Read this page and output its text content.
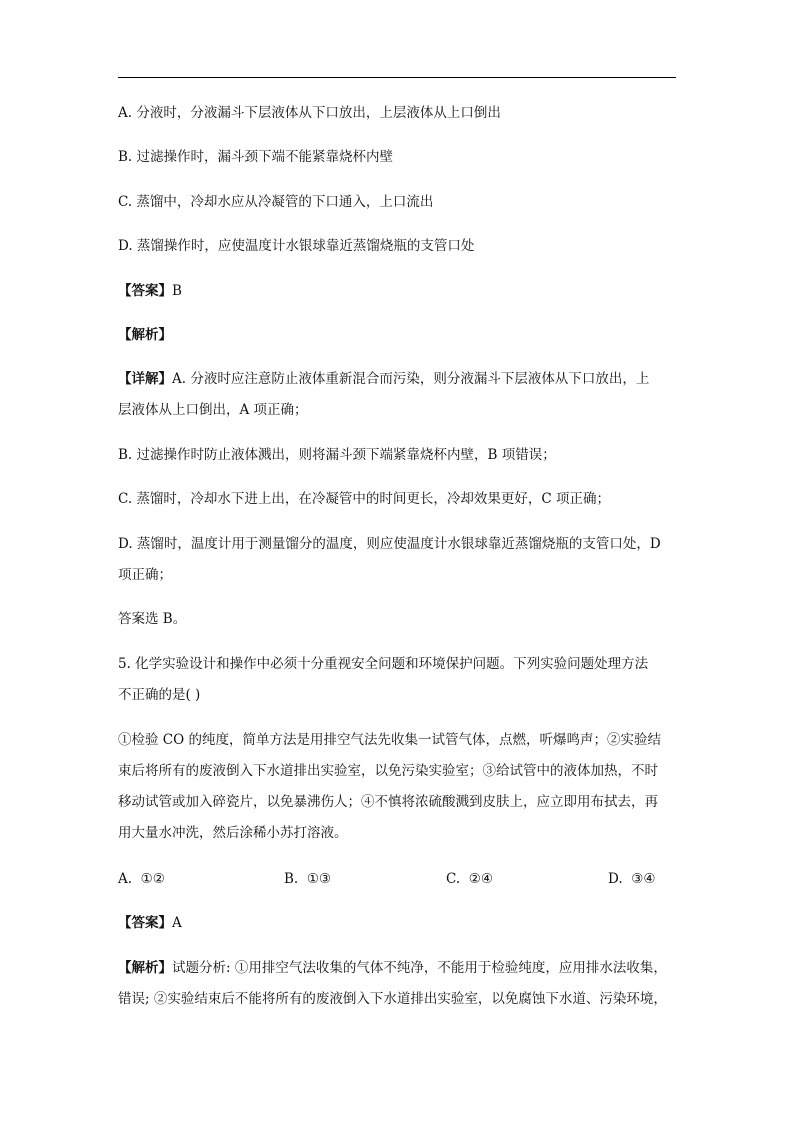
A. 分液时，分液漏斗下层液体从下口放出，上层液体从上口倒出
B. 过滤操作时，漏斗颈下端不能紧靠烧杯内壁
C. 蒸馏中，冷却水应从冷凝管的下口通入，上口流出
D. 蒸馏操作时，应使温度计水银球靠近蒸馏烧瓶的支管口处
【答案】B
【解析】
【详解】A. 分液时应注意防止液体重新混合而污染，则分液漏斗下层液体从下口放出，上
层液体从上口倒出，A 项正确；
B. 过滤操作时防止液体溅出，则将漏斗颈下端紧靠烧杯内壁，B 项错误；
C. 蒸馏时，冷却水下进上出，在冷凝管中的时间更长，冷却效果更好，C 项正确；
D. 蒸馏时，温度计用于测量馏分的温度，则应使温度计水银球靠近蒸馏烧瓶的支管口处，D
项正确；
答案选 B。
5. 化学实验设计和操作中必须十分重视安全问题和环境保护问题。下列实验问题处理方法
不正确的是( )
①检验 CO 的纯度，简单方法是用排空气法先收集一试管气体，点燃，听爆鸣声；②实验结
束后将所有的废液倒入下水道排出实验室，以免污染实验室；③给试管中的液体加热，不时
移动试管或加入碎瓷片，以免暴沸伤人；④不慎将浓硫酸溅到皮肤上，应立即用布拭去，再
用大量水冲洗，然后涂稀小苏打溶液。
A. ①②	B. ①③	C. ②④	D. ③④
【答案】A
【解析】试题分析: ①用排空气法收集的气体不纯净，不能用于检验纯度，应用排水法收集，
错误; ②实验结束后不能将所有的废液倒入下水道排出实验室，以免腐蚀下水道、污染环境，
